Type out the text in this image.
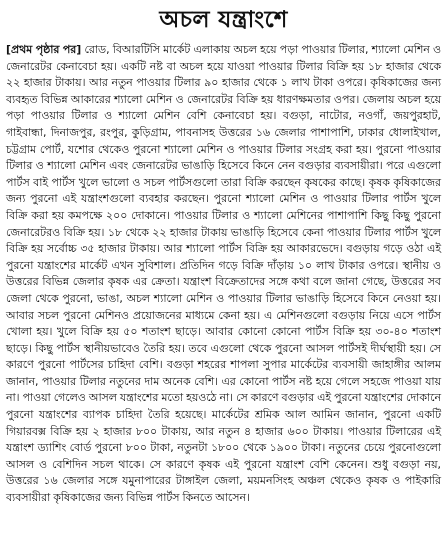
অচল যন্ত্রাংশে

[প্রথম পৃষ্ঠার পর] রোড, বিআরটিসি মার্কেট এলাকায় অচল হয়ে পড়া পাওয়ার টিলার, শ্যালো মেশিন ও জেনারেটর কেনাবেচা হয়। একটি নষ্ট বা অচল হয়ে যাওয়া পাওয়ার টিলার বিক্রি হয় ১৮ হাজার থেকে ২২ হাজার টাকায়। আর নতুন পাওয়ার টিলার ৯০ হাজার থেকে ১ লাখ টাকা ওপরে। কৃষিকাজের জন্য ব্যবহৃত বিভিন্ন আকারের শ্যালো মেশিন ও জেনারেটর বিক্রি হয় ধারণক্ষমতার ওপর। জেলায় অচল হয়ে পড়া পাওয়ার টিলার ও শ্যালো মেশিন বেশি কেনাবেচা হয়। বগুড়া, নাটোর, নওগাঁ, জয়পুরহাট, গাইবান্ধা, দিনাজপুর, রংপুর, কুড়িগ্রাম, পাবনাসহ উত্তরের ১৬ জেলার পাশাপাশি, ঢাকার ধোলাইখাল, চট্টগ্রাম পোর্ট, যশোর থেকেও পুরনো শ্যালো মেশিন ও পাওয়ার টিলার সংগ্রহ করা হয়। পুরনো পাওয়ার টিলার ও শ্যালো মেশিন এবং জেনারেটর ভাঙাড়ি হিসেবে কিনে নেন বগুড়ার ব্যবসায়ীরা। পরে এগুলো পার্টস বাই পার্টস খুলে ভালো ও সচল পার্টসগুলো তারা বিক্রি করছেন কৃষকের কাছে। কৃষক কৃষিকাজের জন্য পুরনো এই যন্ত্রাংশগুলো ব্যবহার করছেন। পুরনো শ্যালো মেশিন ও পাওয়ার টিলার পার্টস খুলে বিক্রি করা হয় কমপক্ষে ২০০ দোকানে। পাওয়ার টিলার ও শ্যালো মেশিনের পাশাপাশি কিছু কিছু পুরনো জেনারেটরও বিক্রি হয়। ১৮ থেকে ২২ হাজার টাকায় ভাঙাড়ি হিসেবে কেনা পাওয়ার টিলার পার্টস খুলে বিক্রি হয় সর্বোচ্চ ৩৫ হাজার টাকায়। আর শ্যালো পার্টস বিক্রি হয় আকারভেদে। বগুড়ায় গড়ে ওঠা এই পুরনো যন্ত্রাংশের মার্কেট এখন সুবিশাল। প্রতিদিন গড়ে বিক্রি দাঁড়ায় ১০ লাখ টাকার ওপরে। স্থানীয় ও উত্তরের বিভিন্ন জেলার কৃষক এর ক্রেতা। যন্ত্রাংশ বিক্রেতাদের সঙ্গে কথা বলে জানা গেছে, উত্তরের সব জেলা থেকে পুরনো, ভাঙা, অচল শ্যালো মেশিন ও পাওয়ার টিলার ভাঙাড়ি হিসেবে কিনে নেওয়া হয়। আবার সচল পুরনো মেশিনও প্রয়োজনের মাধ্যমে কেনা হয়। এ মেশিনগুলো বগুড়ায় নিয়ে এসে পার্টস খোলা হয়। খুলে বিক্রি হয় ৫০ শতাংশ ছাড়ে। আবার কোনো কোনো পার্টস বিক্রি হয় ৩০-৪০ শতাংশ ছাড়ে। কিছু পার্টস স্থানীয়ভাবেও তৈরি হয়। তবে এগুলো থেকে পুরনো আসল পার্টসই দীর্ঘস্থায়ী হয়। সে কারণে পুরনো পার্টসের চাহিদা বেশি। বগুড়া শহরের শাপলা সুপার মার্কেটের ব্যবসায়ী জাহাঙ্গীর আলম জানান, পাওয়ার টিলার নতুনের দাম অনেক বেশি। এর কোনো পার্টস নষ্ট হয়ে গেলে সহজে পাওয়া যায় না। পাওয়া গেলেও আসল যন্ত্রাংশের মতো হয়ওঠে না। সে কারণে বগুড়ার এই পুরনো যন্ত্রাংশের দোকানে পুরনো যন্ত্রাংশের ব্যাপক চাহিদা তৈরি হয়েছে। মার্কেটের শ্রমিক আল আমিন জানান, পুরনো একটি গিয়ারবক্স বিক্রি হয় ২ হাজার ৮০০ টাকায়, আর নতুন ৪ হাজার ৬০০ টাকায়। পাওয়ার টিলারের এই যন্ত্রাংশ ড্যাশিং বোর্ড পুরনো ৮০০ টাকা, নতুনটা ১৮০০ থেকে ১৯০০ টাকা। নতুনের চেয়ে পুরনোগুলো আসল ও বেশিদিন সচল থাকে। সে কারণে কৃষক এই পুরনো যন্ত্রাংশ বেশি কেনেন। শুধু বগুড়া নয়, উত্তরের ১৬ জেলার সঙ্গে যমুনাপারের টাঙ্গাইল জেলা, ময়মনসিংহ অঞ্চল থেকেও কৃষক ও পাইকারি ব্যবসায়ীরা কৃষিকাজের জন্য বিভিন্ন পার্টস কিনতে আসেন।
